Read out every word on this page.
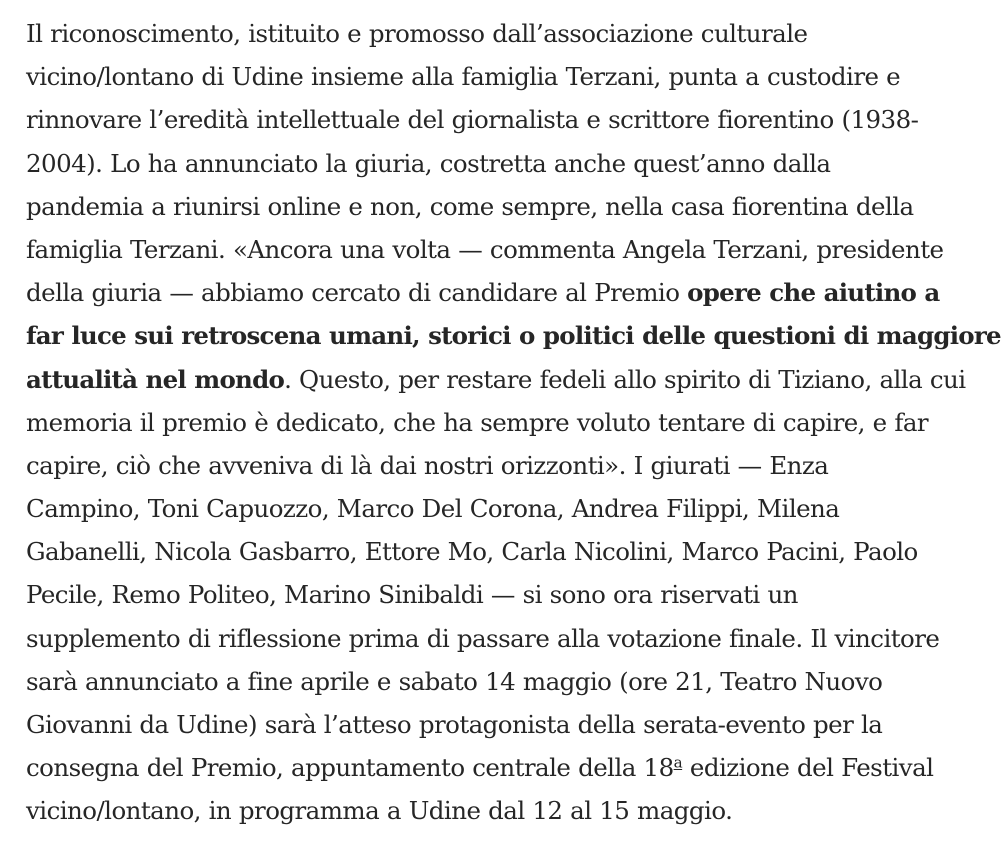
Il riconoscimento, istituito e promosso dall’associazione culturale
vicino/lontano di Udine insieme alla famiglia Terzani, punta a custodire e
rinnovare l’eredità intellettuale del giornalista e scrittore fiorentino (1938-
2004). Lo ha annunciato la giuria, costretta anche quest’anno dalla
pandemia a riunirsi online e non, come sempre, nella casa fiorentina della
famiglia Terzani. «Ancora una volta — commenta Angela Terzani, presidente
della giuria — abbiamo cercato di candidare al Premio opere che aiutino a
far luce sui retroscena umani, storici o politici delle questioni di maggiore
attualità nel mondo. Questo, per restare fedeli allo spirito di Tiziano, alla cui
memoria il premio è dedicato, che ha sempre voluto tentare di capire, e far
capire, ciò che avveniva di là dai nostri orizzonti». I giurati — Enza
Campino, Toni Capuozzo, Marco Del Corona, Andrea Filippi, Milena
Gabanelli, Nicola Gasbarro, Ettore Mo, Carla Nicolini, Marco Pacini, Paolo
Pecile, Remo Politeo, Marino Sinibaldi — si sono ora riservati un
supplemento di riflessione prima di passare alla votazione finale. Il vincitore
sarà annunciato a fine aprile e sabato 14 maggio (ore 21, Teatro Nuovo
Giovanni da Udine) sarà l’atteso protagonista della serata-evento per la
consegna del Premio, appuntamento centrale della 18$^a$ edizione del Festival
vicino/lontano, in programma a Udine dal 12 al 15 maggio.
